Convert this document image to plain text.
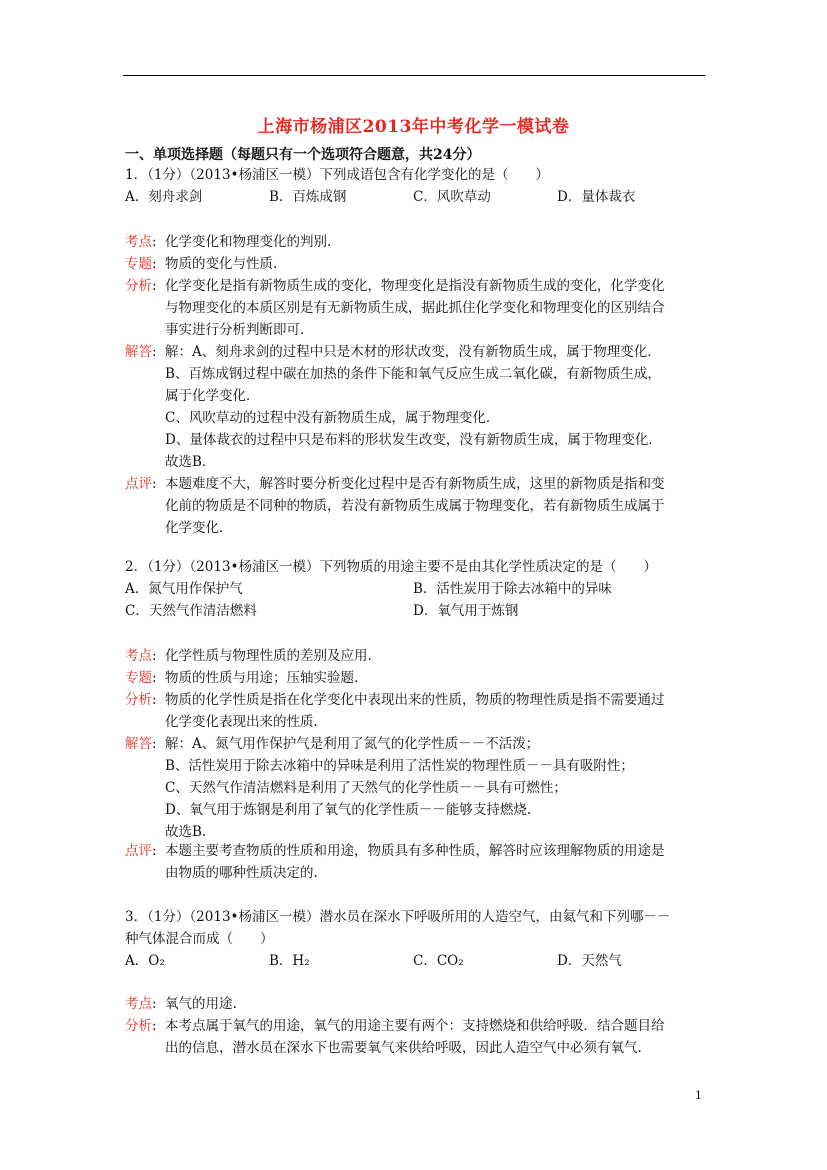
上海市杨浦区2013年中考化学一模试卷
一、单项选择题（每题只有一个选项符合题意，共24分）
1．（1分）（2013•杨浦区一模）下列成语包含有化学变化的是（　　）
A．刻舟求剑	B．百炼成钢	C．风吹草动	D．量体裁衣
考点: 化学变化和物理变化的判别.
专题: 物质的变化与性质.
分析: 化学变化是指有新物质生成的变化，物理变化是指没有新物质生成的变化，化学变化
与物理变化的本质区别是有无新物质生成，据此抓住化学变化和物理变化的区别结合
事实进行分析判断即可.
解答: 解：A、刻舟求剑的过程中只是木材的形状改变，没有新物质生成，属于物理变化．
B、百炼成钢过程中碳在加热的条件下能和氧气反应生成二氧化碳，有新物质生成，
属于化学变化．
C、风吹草动的过程中没有新物质生成，属于物理变化．
D、量体裁衣的过程中只是布料的形状发生改变，没有新物质生成，属于物理变化．
故选B．
点评: 本题难度不大，解答时要分析变化过程中是否有新物质生成，这里的新物质是指和变
化前的物质是不同种的物质，若没有新物质生成属于物理变化，若有新物质生成属于
化学变化．
2．（1分）（2013•杨浦区一模）下列物质的用途主要不是由其化学性质决定的是（　　）
A．氮气用作保护气	B．活性炭用于除去冰箱中的异味
C．天然气作清洁燃料	D．氧气用于炼钢
考点: 化学性质与物理性质的差别及应用.
专题: 物质的性质与用途；压轴实验题.
分析: 物质的化学性质是指在化学变化中表现出来的性质，物质的物理性质是指不需要通过
化学变化表现出来的性质.
解答: 解：A、氮气用作保护气是利用了氮气的化学性质－－不活泼；
B、活性炭用于除去冰箱中的异味是利用了活性炭的物理性质－－具有吸附性；
C、天然气作清洁燃料是利用了天然气的化学性质－－具有可燃性；
D、氧气用于炼钢是利用了氧气的化学性质－－能够支持燃烧.
故选B.
点评: 本题主要考查物质的性质和用途，物质具有多种性质，解答时应该理解物质的用途是
由物质的哪种性质决定的.
3．（1分）（2013•杨浦区一模）潜水员在深水下呼吸所用的人造空气，由氦气和下列哪－－
种气体混合而成（　　）
A．O₂	B．H₂	C．CO₂	D．天然气
考点: 氧气的用途.
分析: 本考点属于氧气的用途，氧气的用途主要有两个：支持燃烧和供给呼吸．结合题目给
出的信息，潜水员在深水下也需要氧气来供给呼吸，因此人造空气中必须有氧气.
1
